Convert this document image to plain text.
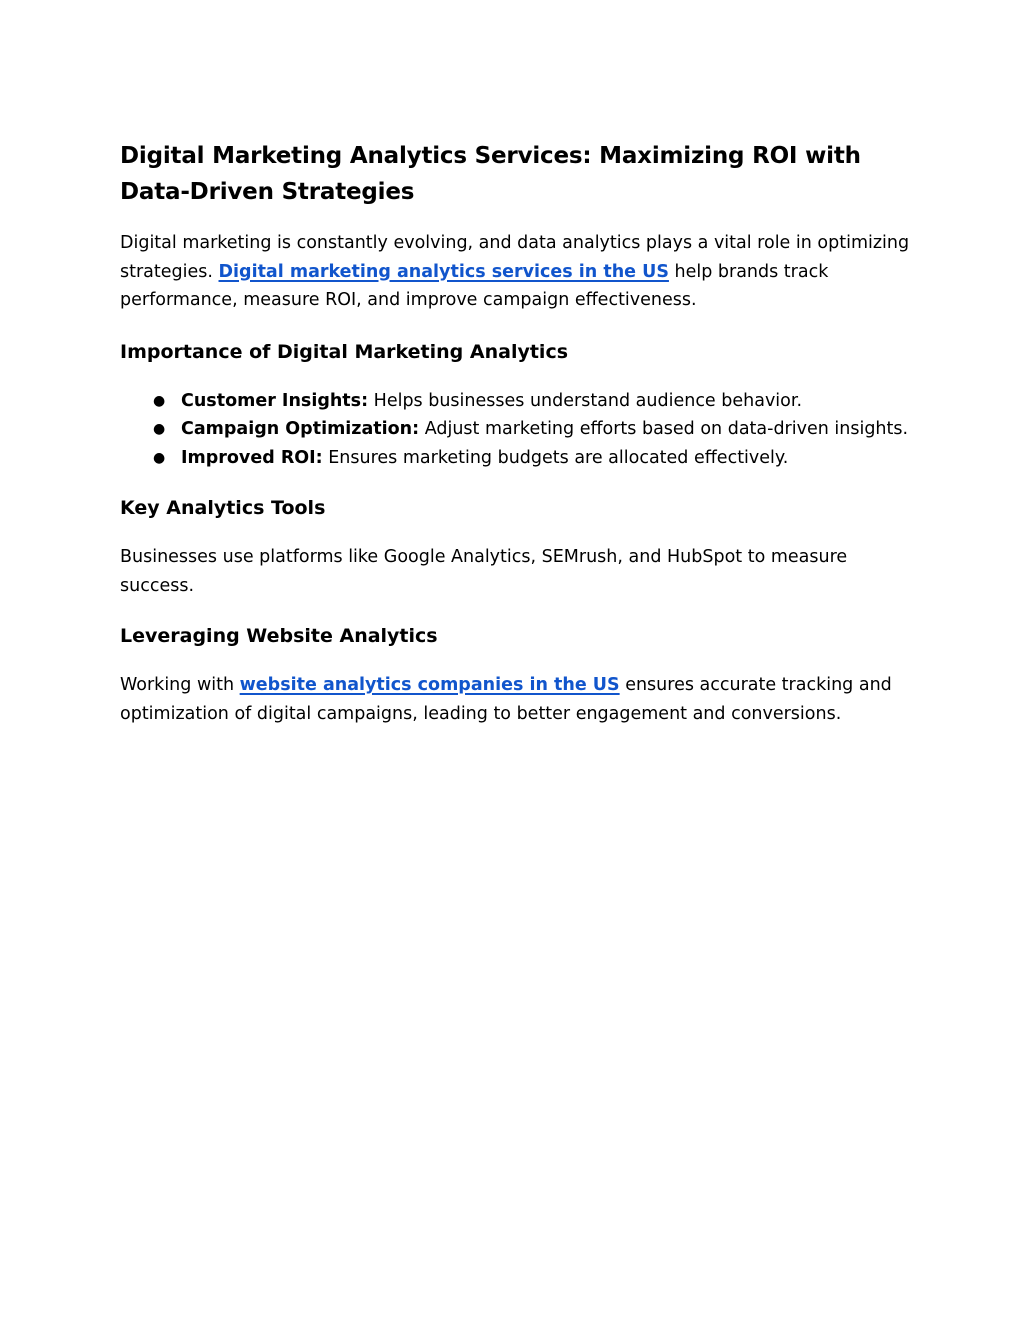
Digital Marketing Analytics Services: Maximizing ROI with
Data-Driven Strategies

Digital marketing is constantly evolving, and data analytics plays a vital role in optimizing strategies. Digital marketing analytics services in the US help brands track performance, measure ROI, and improve campaign effectiveness.

Importance of Digital Marketing Analytics
● Customer Insights: Helps businesses understand audience behavior.
● Campaign Optimization: Adjust marketing efforts based on data-driven insights.
● Improved ROI: Ensures marketing budgets are allocated effectively.
Key Analytics Tools

Businesses use platforms like Google Analytics, SEMrush, and HubSpot to measure success.

Leveraging Website Analytics

Working with website analytics companies in the US ensures accurate tracking and optimization of digital campaigns, leading to better engagement and conversions.
